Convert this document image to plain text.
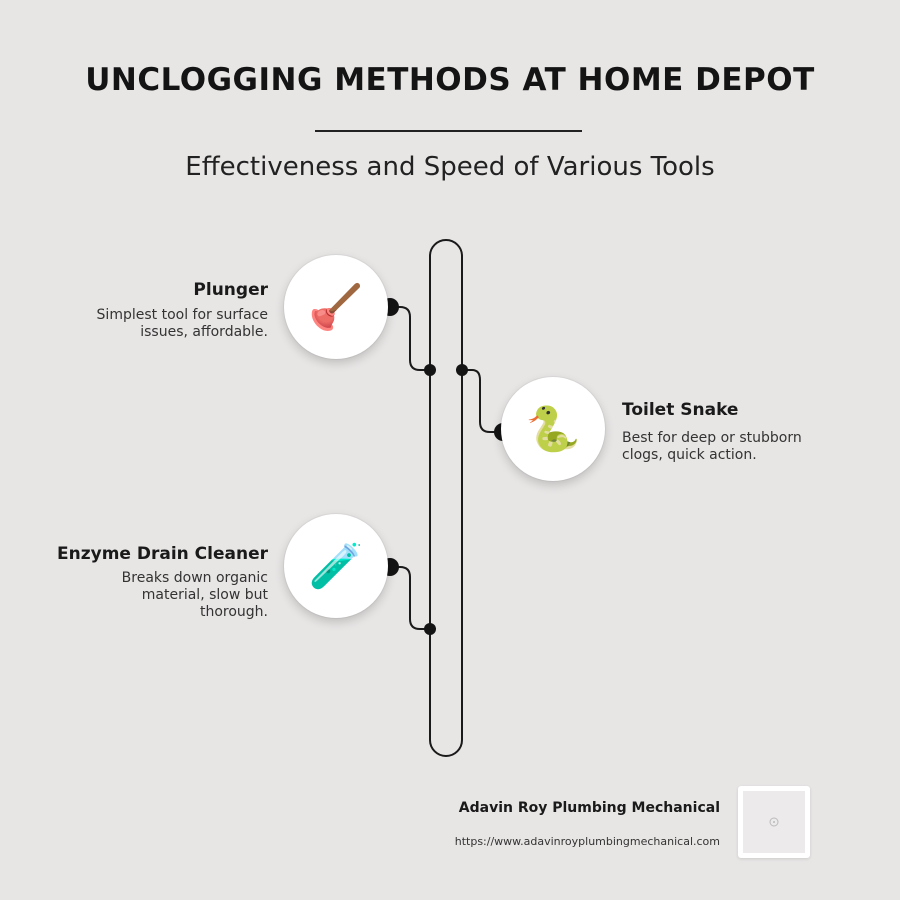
UNCLOGGING METHODS AT HOME DEPOT
Effectiveness and Speed of Various Tools
🪠
Plunger
Simplest tool for surface
issues, affordable.
🐍 Toilet Snake
Best for deep or stubborn
clogs, quick action.
🧪
Enzyme Drain Cleaner
Breaks down organic
material, slow but
thorough.
Adavin Roy Plumbing Mechanical
https://www.adavinroyplumbingmechanical.com
